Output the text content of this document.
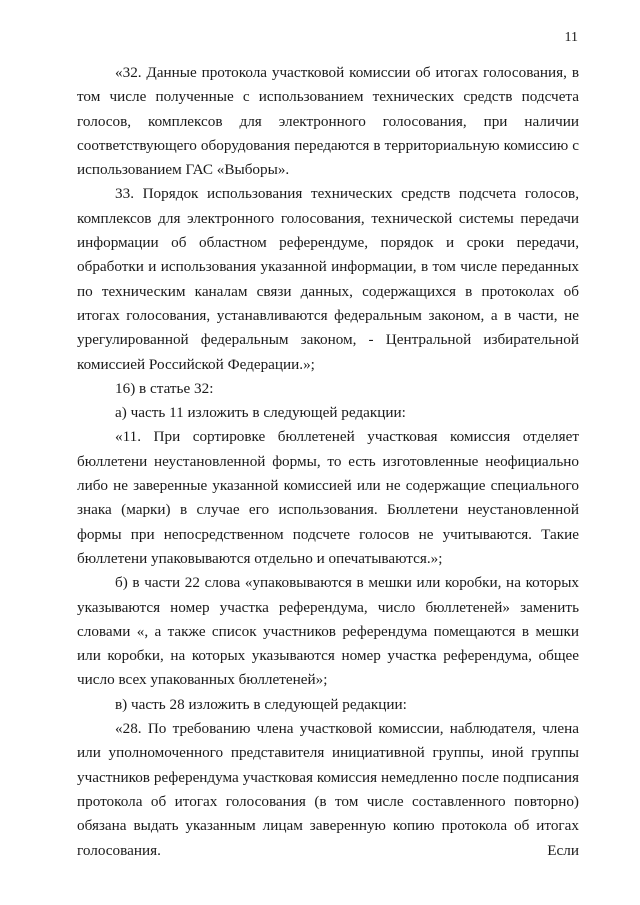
11

«32. Данные протокола участковой комиссии об итогах голосования, в том числе полученные с использованием технических средств подсчета голосов, комплексов для электронного голосования, при наличии соответствующего оборудования передаются в территориальную комиссию с использованием ГАС «Выборы».

33. Порядок использования технических средств подсчета голосов, комплексов для электронного голосования, технической системы передачи информации об областном референдуме, порядок и сроки передачи, обработки и использования указанной информации, в том числе переданных по техническим каналам связи данных, содержащихся в протоколах об итогах голосования, устанавливаются федеральным законом, а в части, не урегулированной федеральным законом, - Центральной избирательной комиссией Российской Федерации.»;

16) в статье 32:

а) часть 11 изложить в следующей редакции:

«11. При сортировке бюллетеней участковая комиссия отделяет бюллетени неустановленной формы, то есть изготовленные неофициально либо не заверенные указанной комиссией или не содержащие специального знака (марки) в случае его использования. Бюллетени неустановленной формы при непосредственном подсчете голосов не учитываются. Такие бюллетени упаковываются отдельно и опечатываются.»;

б) в части 22 слова «упаковываются в мешки или коробки, на которых указываются номер участка референдума, число бюллетеней» заменить словами «, а также список участников референдума помещаются в мешки или коробки, на которых указываются номер участка референдума, общее число всех упакованных бюллетеней»;

в) часть 28 изложить в следующей редакции:

«28. По требованию члена участковой комиссии, наблюдателя, члена или уполномоченного представителя инициативной группы, иной группы участников референдума участковая комиссия немедленно после подписания протокола об итогах голосования (в том числе составленного повторно) обязана выдать указанным лицам заверенную копию протокола об итогах голосования. Если
